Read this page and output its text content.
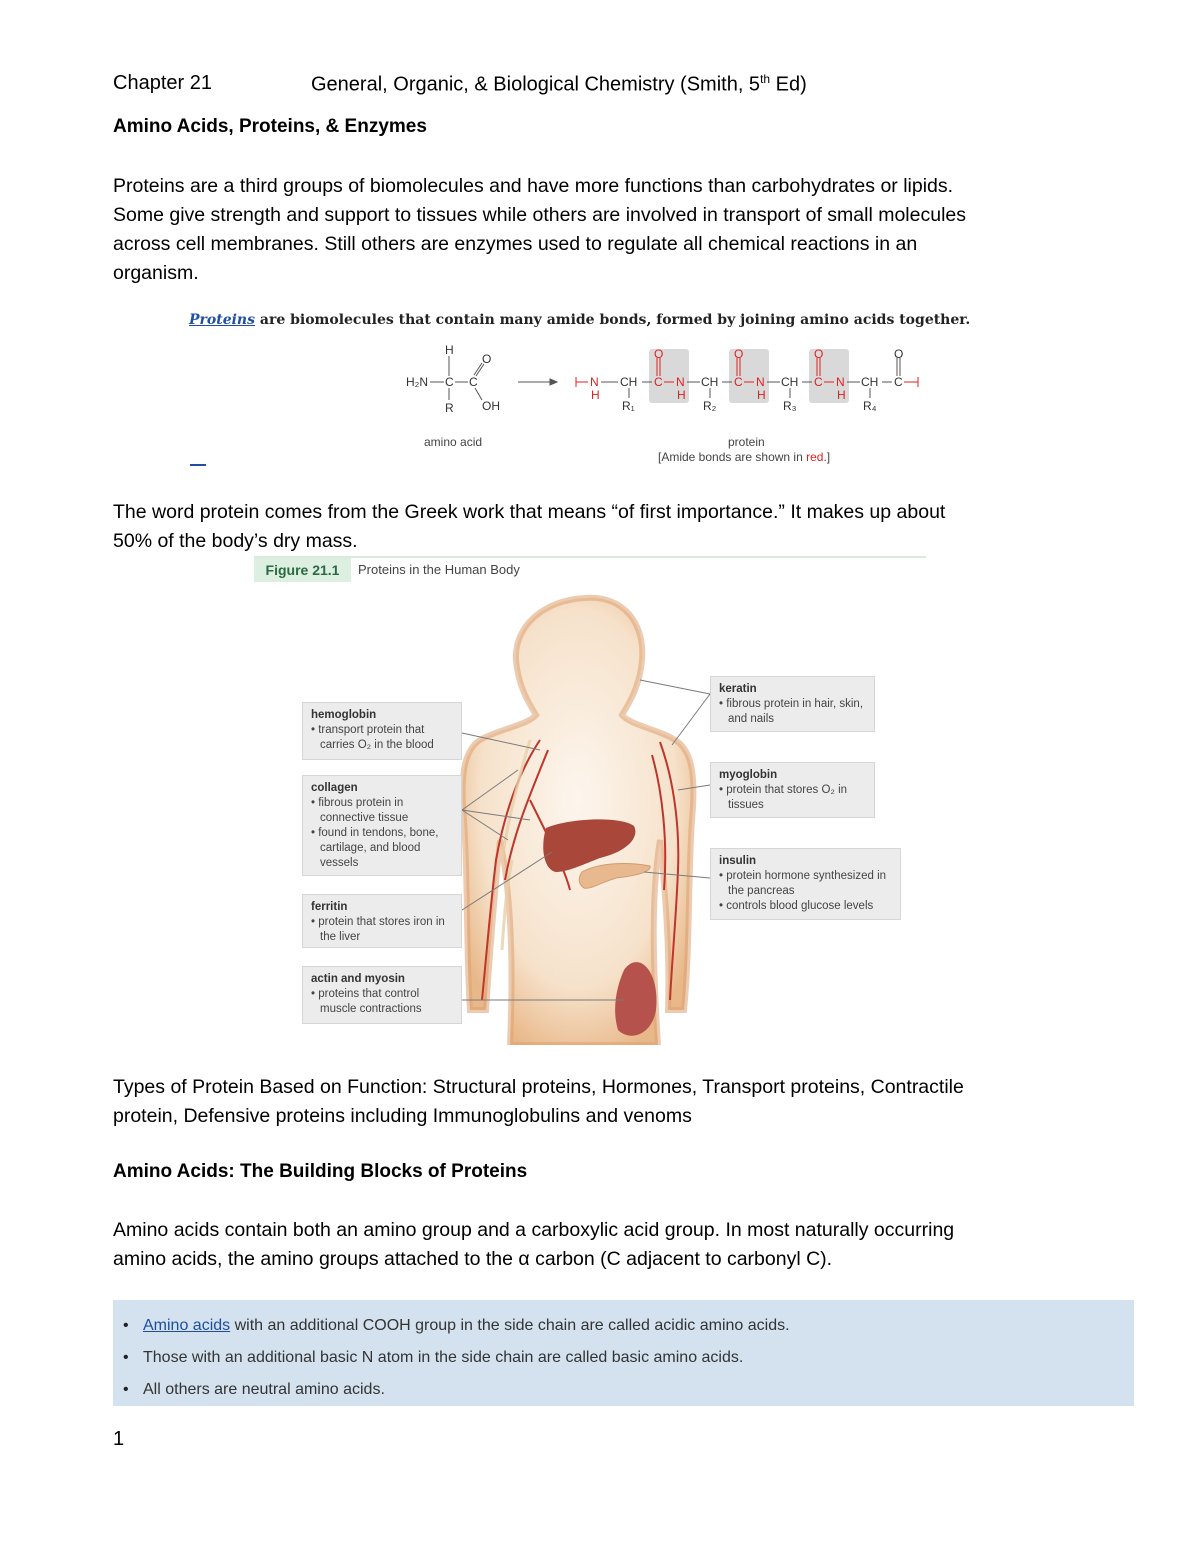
Chapter 21	General, Organic, & Biological Chemistry (Smith, 5th Ed)
Amino Acids, Proteins, & Enzymes
Proteins are a third groups of biomolecules and have more functions than carbohydrates or lipids.
Some give strength and support to tissues while others are involved in transport of small molecules
across cell membranes. Still others are enzymes used to regulate all chemical reactions in an
organism.
Proteins are biomolecules that contain many amide bonds, formed by joining amino acids together.
H
H₂N C C
O
OH
R
N
H
CH
R₁
O
C N
H
CH
R₂
O
C N
H
CH
R₃
O
C N
H
CH
R₄
O
C
amino acid	protein
[Amide bonds are shown in red.]
The word protein comes from the Greek work that means “of first importance.” It makes up about
50% of the body’s dry mass.
Figure 21.1	Proteins in the Human Body
hemoglobin
• transport protein that carries O₂ in the blood
collagen
• fibrous protein in connective tissue
• found in tendons, bone, cartilage, and blood vessels
ferritin
• protein that stores iron in the liver
actin and myosin
• proteins that control muscle contractions
keratin
• fibrous protein in hair, skin, and nails
myoglobin
• protein that stores O₂ in tissues
insulin
• protein hormone synthesized in the pancreas
• controls blood glucose levels
Types of Protein Based on Function: Structural proteins, Hormones, Transport proteins, Contractile
protein, Defensive proteins including Immunoglobulins and venoms
Amino Acids: The Building Blocks of Proteins
Amino acids contain both an amino group and a carboxylic acid group. In most naturally occurring
amino acids, the amino groups attached to the α carbon (C adjacent to carbonyl C).
• Amino acids with an additional COOH group in the side chain are called acidic amino acids.
• Those with an additional basic N atom in the side chain are called basic amino acids.
• All others are neutral amino acids.
1
